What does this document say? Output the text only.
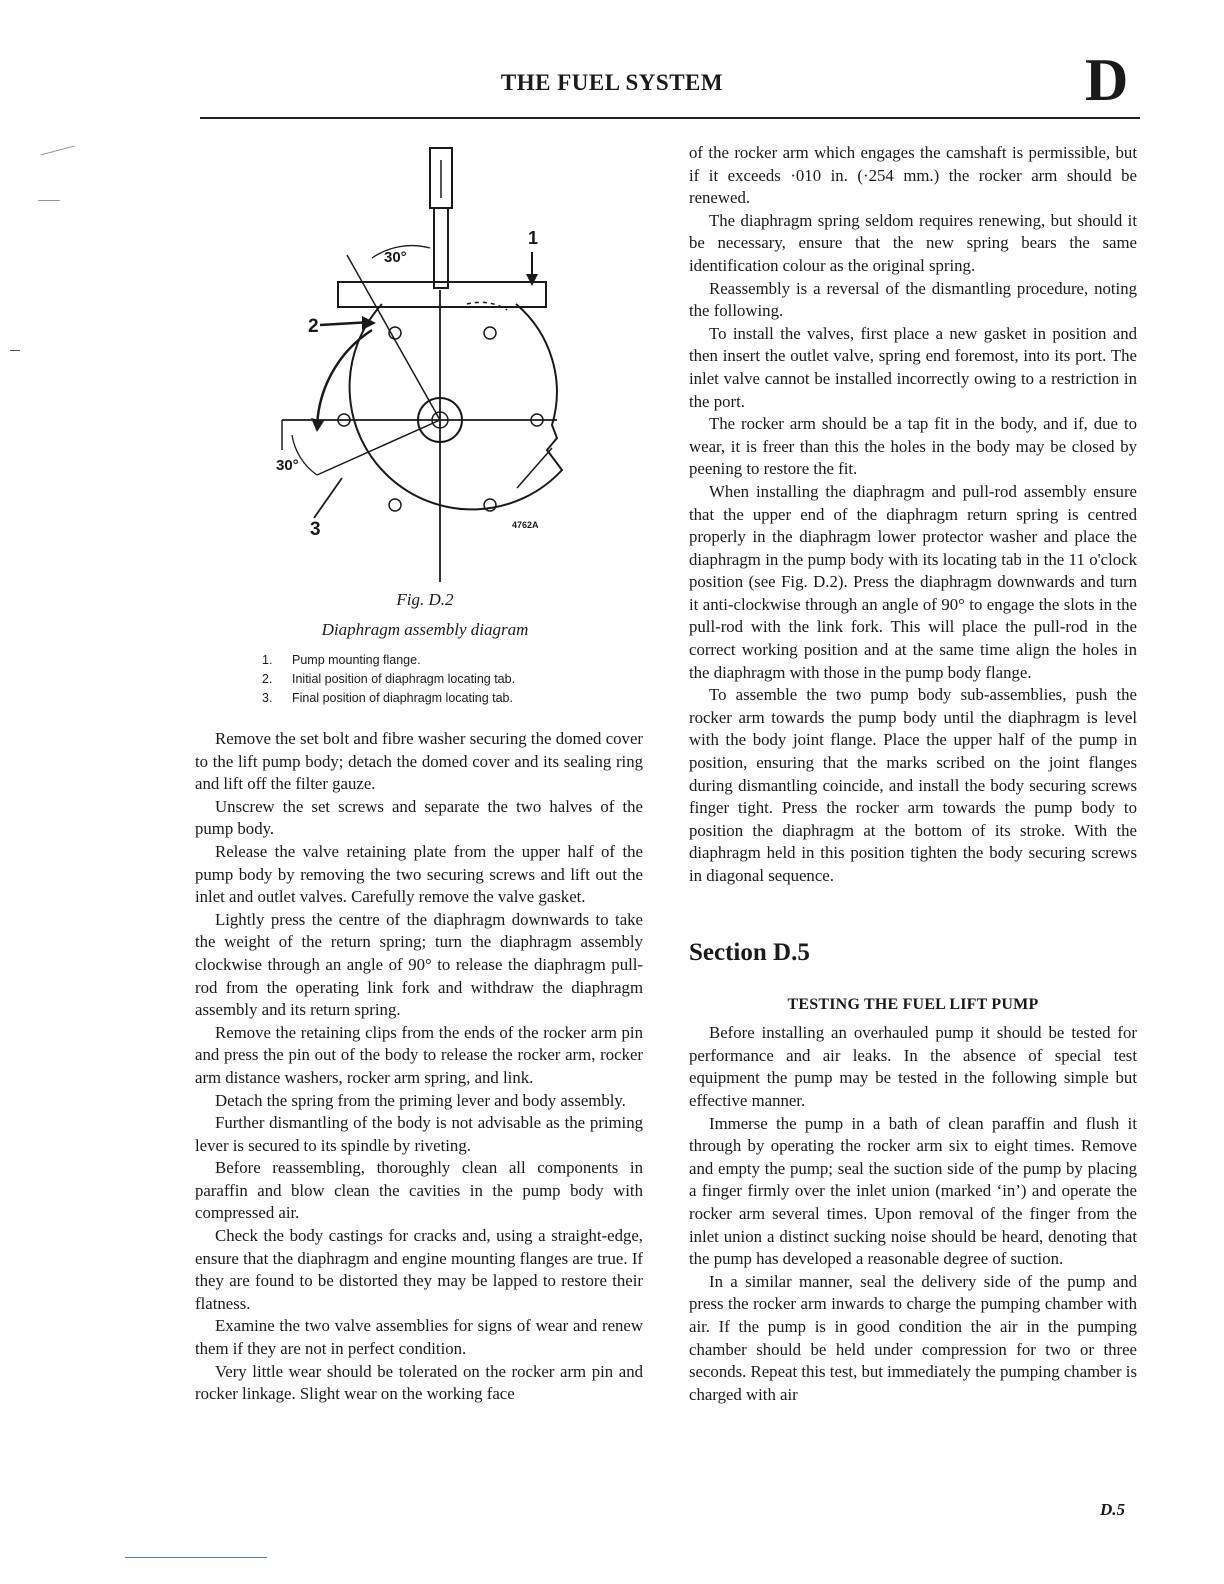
THE FUEL SYSTEM	D
1
2
3
30°
30°
4762A
Fig. D.2
Diaphragm assembly diagram
1.	Pump mounting flange.
2.	Initial position of diaphragm locating tab.
3.	Final position of diaphragm locating tab.

Remove the set bolt and fibre washer securing the domed cover to the lift pump body; detach the domed cover and its sealing ring and lift off the filter gauze.

Unscrew the set screws and separate the two halves of the pump body.

Release the valve retaining plate from the upper half of the pump body by removing the two securing screws and lift out the inlet and outlet valves. Carefully remove the valve gasket.

Lightly press the centre of the diaphragm downwards to take the weight of the return spring; turn the diaphragm assembly clockwise through an angle of 90° to release the diaphragm pull-rod from the operating link fork and withdraw the diaphragm assembly and its return spring.

Remove the retaining clips from the ends of the rocker arm pin and press the pin out of the body to release the rocker arm, rocker arm distance washers, rocker arm spring, and link.

Detach the spring from the priming lever and body assembly.

Further dismantling of the body is not advisable as the priming lever is secured to its spindle by riveting.

Before reassembling, thoroughly clean all components in paraffin and blow clean the cavities in the pump body with compressed air.

Check the body castings for cracks and, using a straight-edge, ensure that the diaphragm and engine mounting flanges are true. If they are found to be distorted they may be lapped to restore their flatness.

Examine the two valve assemblies for signs of wear and renew them if they are not in perfect condition.

Very little wear should be tolerated on the rocker arm pin and rocker linkage. Slight wear on the working face

of the rocker arm which engages the camshaft is permissible, but if it exceeds ·010 in. (·254 mm.) the rocker arm should be renewed.

The diaphragm spring seldom requires renewing, but should it be necessary, ensure that the new spring bears the same identification colour as the original spring.

Reassembly is a reversal of the dismantling procedure, noting the following.

To install the valves, first place a new gasket in position and then insert the outlet valve, spring end foremost, into its port. The inlet valve cannot be installed incorrectly owing to a restriction in the port.

The rocker arm should be a tap fit in the body, and if, due to wear, it is freer than this the holes in the body may be closed by peening to restore the fit.

When installing the diaphragm and pull-rod assembly ensure that the upper end of the diaphragm return spring is centred properly in the diaphragm lower protector washer and place the diaphragm in the pump body with its locating tab in the 11 o'clock position (see Fig. D.2). Press the diaphragm downwards and turn it anti-clockwise through an angle of 90° to engage the slots in the pull-rod with the link fork. This will place the pull-rod in the correct working position and at the same time align the holes in the diaphragm with those in the pump body flange.

To assemble the two pump body sub-assemblies, push the rocker arm towards the pump body until the diaphragm is level with the body joint flange. Place the upper half of the pump in position, ensuring that the marks scribed on the joint flanges during dismantling coincide, and install the body securing screws finger tight. Press the rocker arm towards the pump body to position the diaphragm at the bottom of its stroke. With the diaphragm held in this position tighten the body securing screws in diagonal sequence.

Section D.5
TESTING THE FUEL LIFT PUMP

Before installing an overhauled pump it should be tested for performance and air leaks. In the absence of special test equipment the pump may be tested in the following simple but effective manner.

Immerse the pump in a bath of clean paraffin and flush it through by operating the rocker arm six to eight times. Remove and empty the pump; seal the suction side of the pump by placing a finger firmly over the inlet union (marked ‘in’) and operate the rocker arm several times. Upon removal of the finger from the inlet union a distinct sucking noise should be heard, denoting that the pump has developed a reasonable degree of suction.

In a similar manner, seal the delivery side of the pump and press the rocker arm inwards to charge the pumping chamber with air. If the pump is in good condition the air in the pumping chamber should be held under compression for two or three seconds. Repeat this test, but immediately the pumping chamber is charged with air

D.5
